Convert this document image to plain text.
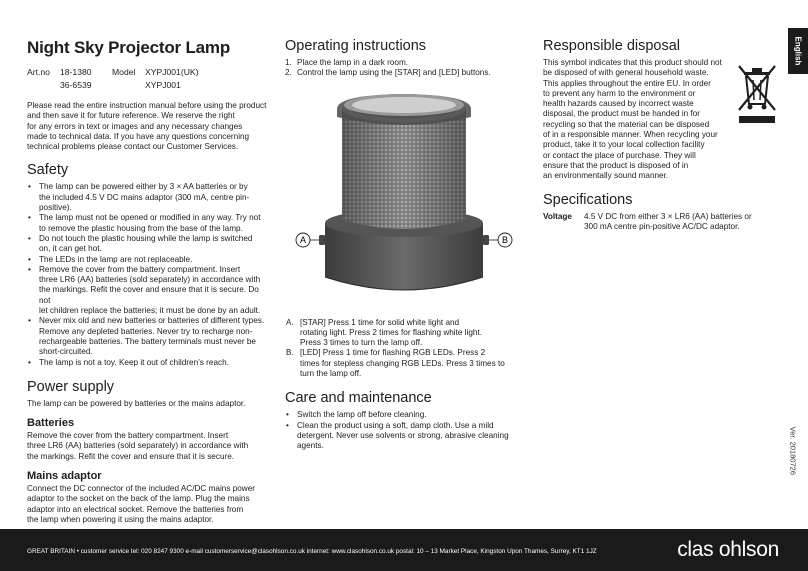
English
Ver. 20180726
Night Sky Projector Lamp
Art.no	18-1380	Model	XYPJ001(UK)
36-6539	XYPJ001

Please read the entire instruction manual before using the product
and then save it for future reference. We reserve the right
for any errors in text or images and any necessary changes
made to technical data. If you have any questions concerning
technical problems please contact our Customer Services.

Safety
• The lamp can be powered either by 3 × AA batteries or by
the included 4.5 V DC mains adaptor (300 mA, centre pin-
positive).
• The lamp must not be opened or modified in any way. Try not
to remove the plastic housing from the base of the lamp.
• Do not touch the plastic housing while the lamp is switched
on, it can get hot.
• The LEDs in the lamp are not replaceable.
• Remove the cover from the battery compartment. Insert
three LR6 (AA) batteries (sold separately) in accordance with
the markings. Refit the cover and ensure that it is secure. Do not
let children replace the batteries; it must be done by an adult.
• Never mix old and new batteries or batteries of different types.
Remove any depleted batteries. Never try to recharge non-
rechargeable batteries. The battery terminals must never be
short-circuited.
• The lamp is not a toy. Keep it out of children’s reach.
Power supply

The lamp can be powered by batteries or the mains adaptor.

Batteries

Remove the cover from the battery compartment. Insert
three LR6 (AA) batteries (sold separately) in accordance with
the markings. Refit the cover and ensure that it is secure.

Mains adaptor

Connect the DC connector of the included AC/DC mains power
adaptor to the socket on the back of the lamp. Plug the mains
adaptor into an electrical socket. Remove the batteries from
the lamp when powering it using the mains adaptor.

Operating instructions
1. Place the lamp in a dark room.
2. Control the lamp using the [STAR] and [LED] buttons.
A	B
A. [STAR] Press 1 time for solid white light and
rotating light. Press 2 times for flashing white light.
Press 3 times to turn the lamp off.
B. [LED] Press 1 time for flashing RGB LEDs. Press 2
times for stepless changing RGB LEDs. Press 3 times to
turn the lamp off.
Care and maintenance
• Switch the lamp off before cleaning.
• Clean the product using a soft, damp cloth. Use a mild
detergent. Never use solvents or strong, abrasive cleaning
agents.
Responsible disposal

This symbol indicates that this product should not
be disposed of with general household waste.
This applies throughout the entire EU. In order
to prevent any harm to the environment or
health hazards caused by incorrect waste
disposal, the product must be handed in for
recycling so that the material can be disposed
of in a responsible manner. When recycling your
product, take it to your local collection facility
or contact the place of purchase. They will
ensure that the product is disposed of in
an environmentally sound manner.

Specifications
Voltage	4.5 V DC from either 3 × LR6 (AA) batteries or
300 mA centre pin-positive AC/DC adaptor.
GREAT BRITAIN • customer service tel: 020 8247 9300 e-mail customerservice@clasohlson.co.uk internet: www.clasohlson.co.uk postal: 10 – 13 Market Place, Kingston Upon Thames, Surrey, KT1 1JZ	clas ohlson
